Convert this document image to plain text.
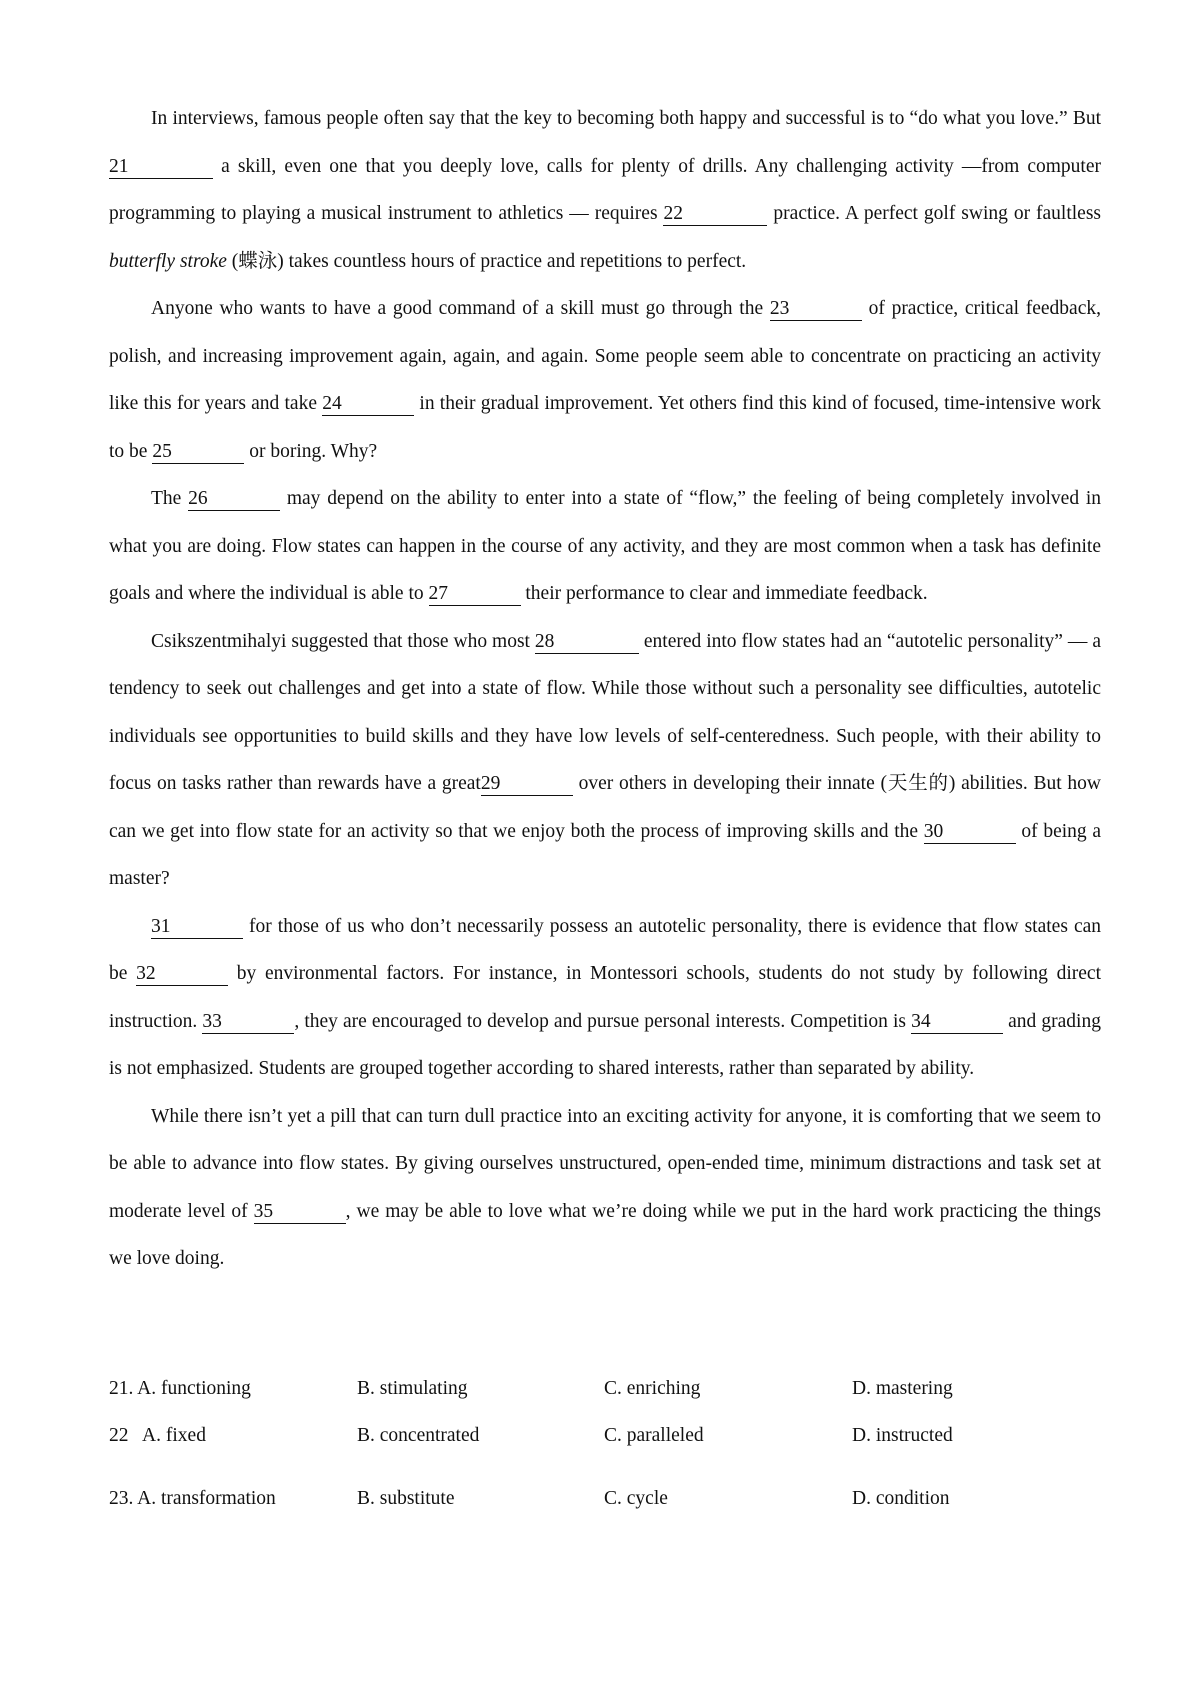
In interviews, famous people often say that the key to becoming both happy and successful is to “do what you love.” But 21	a skill, even one that you deeply love, calls for plenty of drills. Any challenging activity —from computer programming to playing a musical instrument to athletics — requires 22	practice. A perfect golf swing or faultless butterfly stroke (蝶泳) takes countless hours of practice and repetitions to perfect.

Anyone who wants to have a good command of a skill must go through the 23	of practice, critical feedback, polish, and increasing improvement again, again, and again. Some people seem able to concentrate on practicing an activity like this for years and take 24	in their gradual improvement. Yet others find this kind of focused, time-intensive work to be 25	or boring. Why?

The 26	may depend on the ability to enter into a state of “flow,” the feeling of being completely involved in what you are doing. Flow states can happen in the course of any activity, and they are most common when a task has definite goals and where the individual is able to 27	their performance to clear and immediate feedback.

Csikszentmihalyi suggested that those who most 28	entered into flow states had an “autotelic personality” — a tendency to seek out challenges and get into a state of flow. While those without such a personality see difficulties, autotelic individuals see opportunities to build skills and they have low levels of self-centeredness. Such people, with their ability to focus on tasks rather than rewards have a great29	over others in developing their innate (天生的) abilities. But how can we get into flow state for an activity so that we enjoy both the process of improving skills and the 30	of being a master?

31	for those of us who don’t necessarily possess an autotelic personality, there is evidence that flow states can be 32	by environmental factors. For instance, in Montessori schools, students do not study by following direct instruction. 33	, they are encouraged to develop and pursue personal interests. Competition is 34	and grading is not emphasized. Students are grouped together according to shared interests, rather than separated by ability.

While there isn’t yet a pill that can turn dull practice into an exciting activity for anyone, it is comforting that we seem to be able to advance into flow states. By giving ourselves unstructured, open-ended time, minimum distractions and task set at moderate level of 35	, we may be able to love what we’re doing while we put in the hard work practicing the things we love doing.

21. A. functioning	B. stimulating	C. enriching	D. mastering
22   A. fixed	B. concentrated	C. paralleled	D. instructed
23. A. transformation	B. substitute	C. cycle	D. condition
